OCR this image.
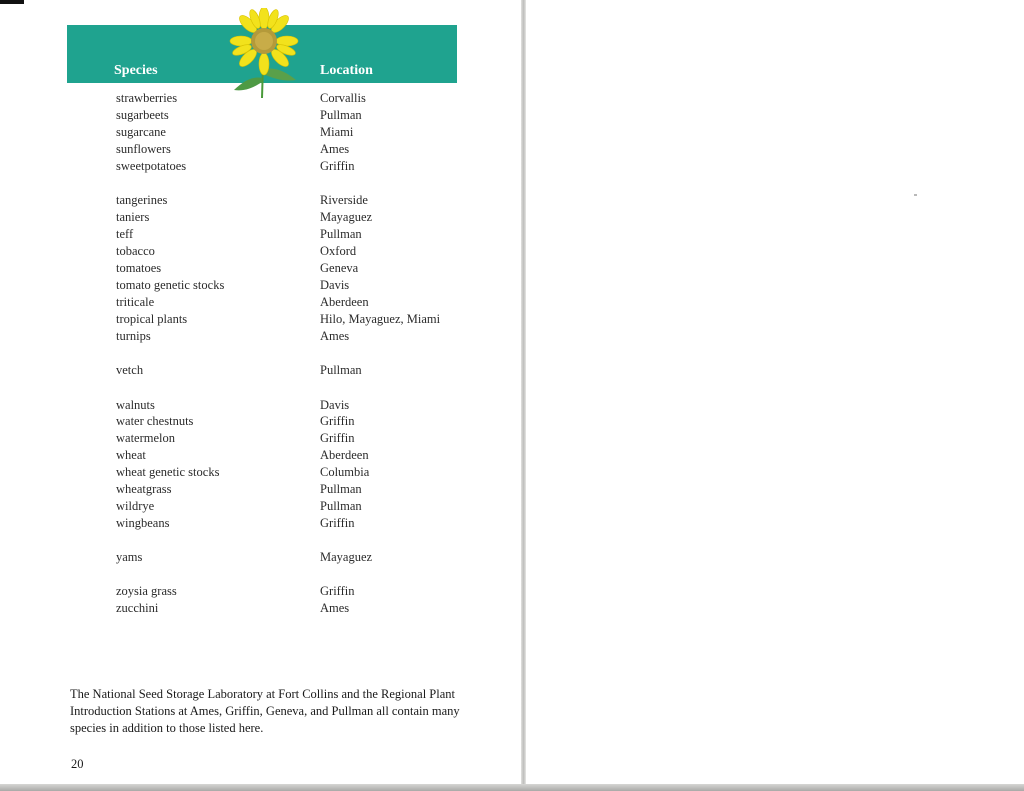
Species	Location
strawberries	Corvallis
sugarbeets	Pullman
sugarcane	Miami
sunflowers	Ames
sweetpotatoes	Griffin
tangerines	Riverside
taniers	Mayaguez
teff	Pullman
tobacco	Oxford
tomatoes	Geneva
tomato genetic stocks	Davis
triticale	Aberdeen
tropical plants	Hilo, Mayaguez, Miami
turnips	Ames
vetch	Pullman
walnuts	Davis
water chestnuts	Griffin
watermelon	Griffin
wheat	Aberdeen
wheat genetic stocks	Columbia
wheatgrass	Pullman
wildrye	Pullman
wingbeans	Griffin
yams	Mayaguez
zoysia grass	Griffin
zucchini	Ames

The National Seed Storage Laboratory at Fort Collins and the Regional Plant Introduction Stations at Ames, Griffin, Geneva, and Pullman all contain many species in addition to those listed here.

20
